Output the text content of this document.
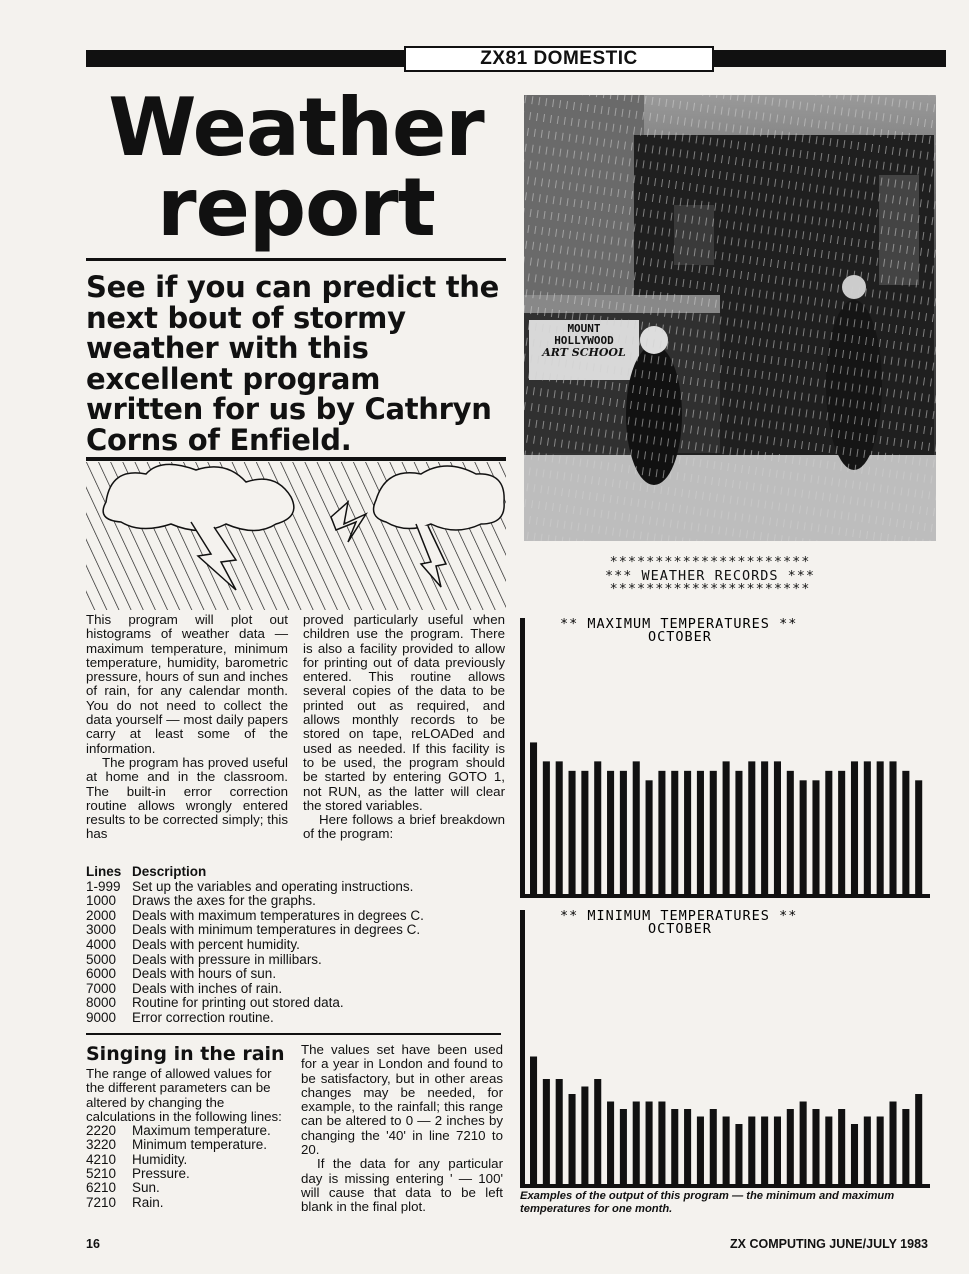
ZX81 DOMESTIC
Weather
report
See if you can predict the next bout of stormy weather with this excellent program written for us by Cathryn Corns of Enfield.

This program will plot out histograms of weather data — maximum temperature, minimum temperature, humidity, barometric pressure, hours of sun and inches of rain, for any calendar month. You do not need to collect the data yourself — most daily papers carry at least some of the information.

The program has proved useful at home and in the classroom. The built-in error correction routine allows wrongly entered results to be corrected simply; this has

proved particularly useful when children use the program. There is also a facility provided to allow for printing out of data previously entered. This routine allows several copies of the data to be printed out as required, and allows monthly records to be stored on tape, reLOADed and used as needed. If this facility is to be used, the program should be started by entering GOTO 1, not RUN, as the latter will clear the stored variables.

Here follows a brief breakdown of the program:

Lines Description
1-999 Set up the variables and operating instructions.
1000 Draws the axes for the graphs.
2000 Deals with maximum temperatures in degrees C.
3000 Deals with minimum temperatures in degrees C.
4000 Deals with percent humidity.
5000 Deals with pressure in millibars.
6000 Deals with hours of sun.
7000 Deals with inches of rain.
8000 Routine for printing out stored data.
9000 Error correction routine.
Singing in the rain
The range of allowed values for the different parameters can be altered by changing the calculations in the following lines:
2220 Maximum temperature.
3220 Minimum temperature.
4210 Humidity.
5210 Pressure.
6210 Sun.
7210 Rain.

The values set have been used for a year in London and found to be satisfactory, but in other areas changes may be needed, for example, to the rainfall; this range can be altered to 0 — 2 inches by changing the '40' in line 7210 to 20.

If the data for any particular day is missing entering ' — 100' will cause that data to be left blank in the final plot.

MOUNT
HOLLYWOOD
ART SCHOOL
**********************
*** WEATHER RECORDS ***
**********************
** MAXIMUM TEMPERATURES **
OCTOBER
** MINIMUM TEMPERATURES **
OCTOBER
Examples of the output of this program — the minimum and maximum temperatures for one month.
16	ZX COMPUTING JUNE/JULY 1983
